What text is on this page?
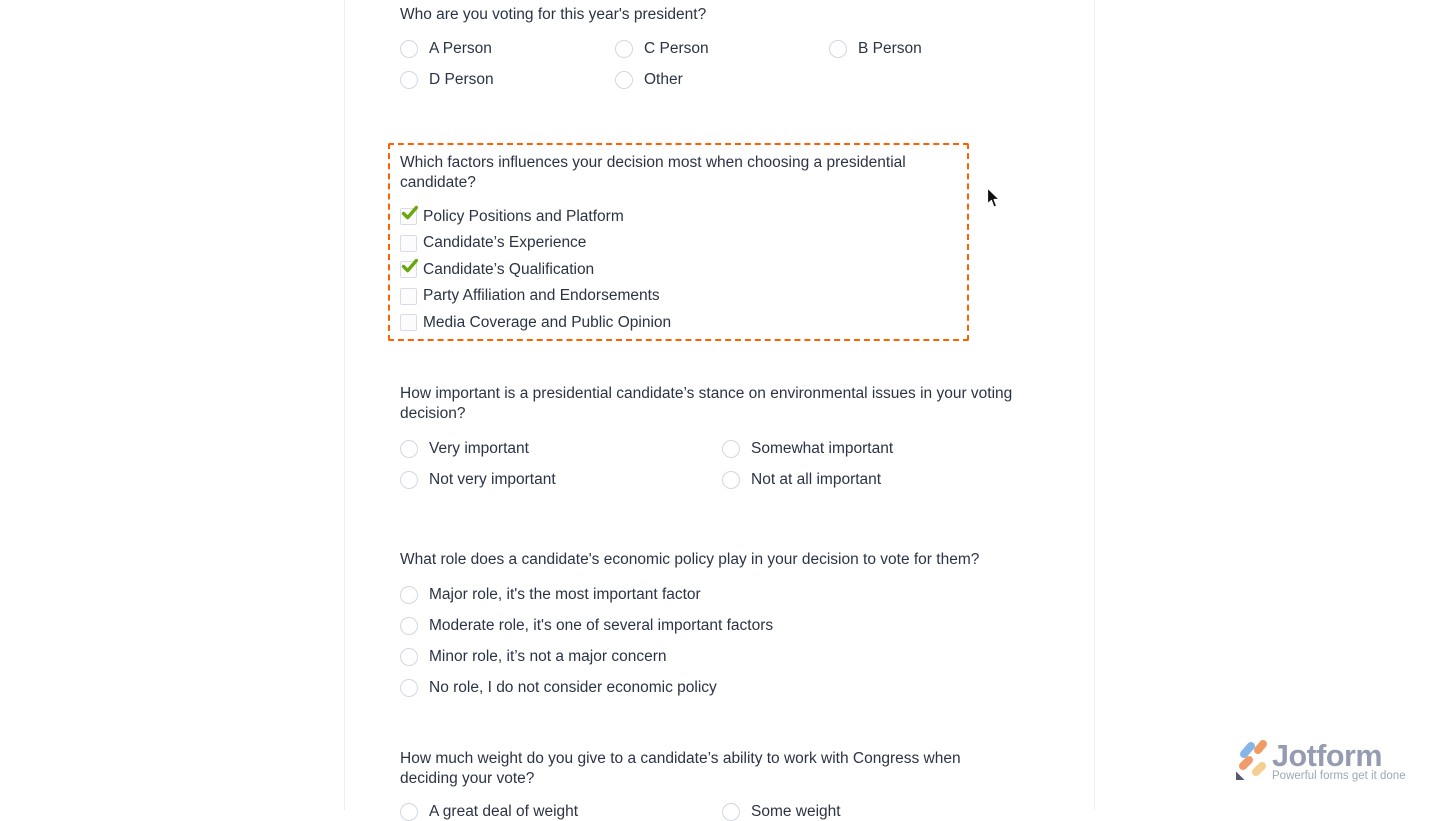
Who are you voting for this year's president?
A Person	C Person	B Person
D Person	Other
Which factors influences your decision most when choosing a presidential candidate?
Policy Positions and Platform
Candidate’s Experience
Candidate’s Qualification
Party Affiliation and Endorsements
Media Coverage and Public Opinion
How important is a presidential candidate’s stance on environmental issues in your voting decision?
Very important	Somewhat important
Not very important	Not at all important
What role does a candidate's economic policy play in your decision to vote for them?
Major role, it's the most important factor
Moderate role, it's one of several important factors
Minor role, it’s not a major concern
No role, I do not consider economic policy
How much weight do you give to a candidate’s ability to work with Congress when deciding your vote?
A great deal of weight	Some weight
Jotform
Powerful forms get it done
